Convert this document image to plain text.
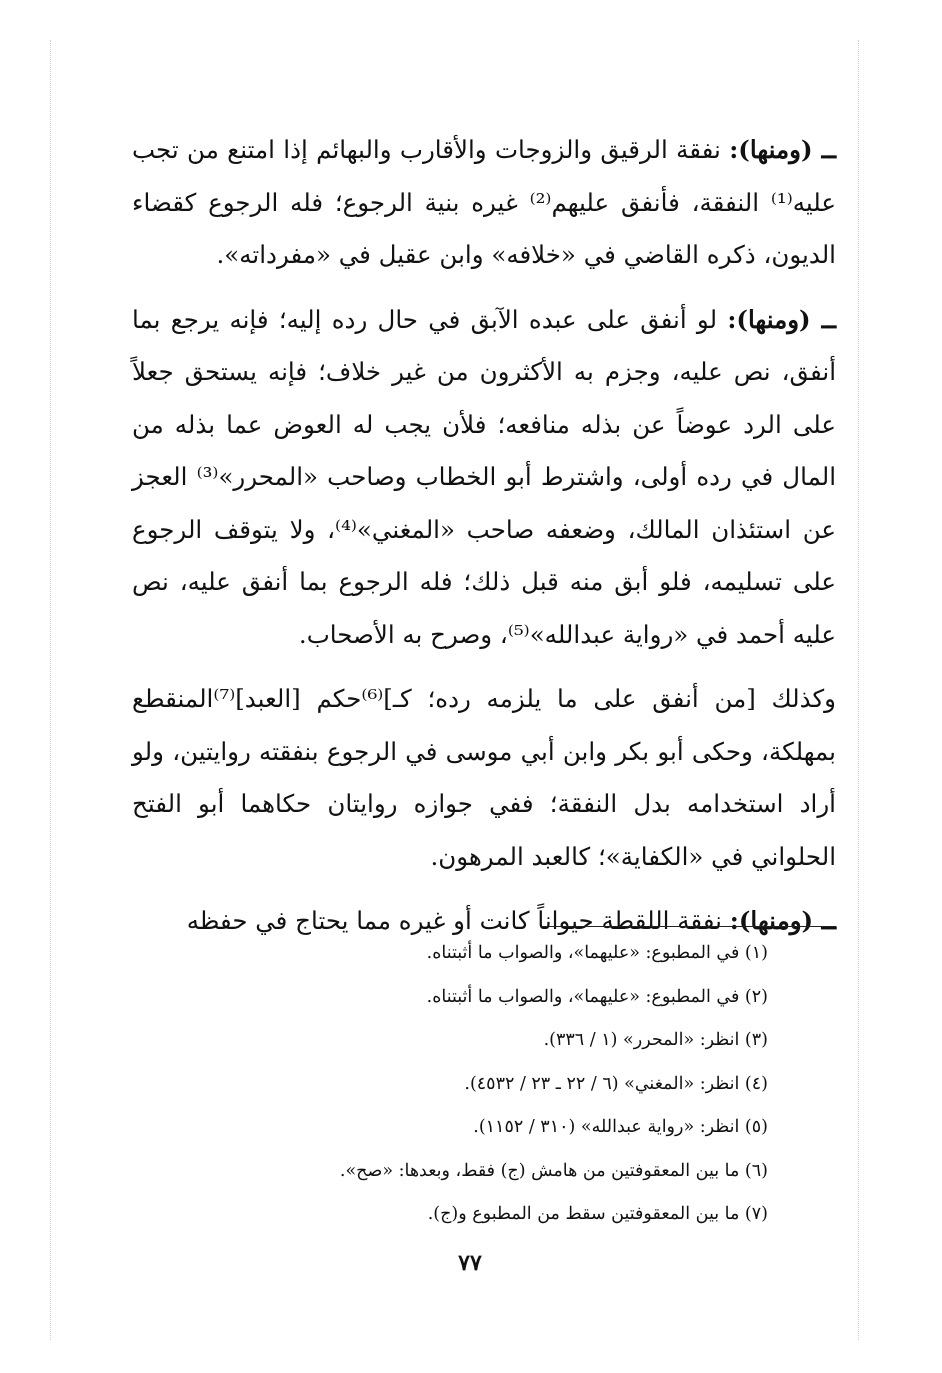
ــ (ومنها): نفقة الرقيق والزوجات والأقارب والبهائم إذا امتنع من تجب عليه⁽¹⁾ النفقة، فأنفق عليهم⁽²⁾ غيره بنية الرجوع؛ فله الرجوع كقضاء الديون، ذكره القاضي في «خلافه» وابن عقيل في «مفرداته».

ــ (ومنها): لو أنفق على عبده الآبق في حال رده إليه؛ فإنه يرجع بما أنفق، نص عليه، وجزم به الأكثرون من غير خلاف؛ فإنه يستحق جعلاً على الرد عوضاً عن بذله منافعه؛ فلأن يجب له العوض عما بذله من المال في رده أولى، واشترط أبو الخطاب وصاحب «المحرر»⁽³⁾ العجز عن استئذان المالك، وضعفه صاحب «المغني»⁽⁴⁾، ولا يتوقف الرجوع على تسليمه، فلو أبق منه قبل ذلك؛ فله الرجوع بما أنفق عليه، نص عليه أحمد في «رواية عبدالله»⁽⁵⁾، وصرح به الأصحاب.

وكذلك [من أنفق على ما يلزمه رده؛ كـ]⁽⁶⁾حكم [العبد]⁽⁷⁾المنقطع بمهلكة، وحكى أبو بكر وابن أبي موسى في الرجوع بنفقته روايتين، ولو أراد استخدامه بدل النفقة؛ ففي جوازه روايتان حكاهما أبو الفتح الحلواني في «الكفاية»؛ كالعبد المرهون.

ــ (ومنها): نفقة اللقطة حيواناً كانت أو غيره مما يحتاج في حفظه

(١) في المطبوع: «عليهما»، والصواب ما أثبتناه.

(٢) في المطبوع: «عليهما»، والصواب ما أثبتناه.

(٣) انظر: «المحرر» (١ / ٣٣٦).

(٤) انظر: «المغني» (٦ / ٢٢ ـ ٢٣ / ٤٥٣٢).

(٥) انظر: «رواية عبدالله» (٣١٠ / ١١٥٢).

(٦) ما بين المعقوفتين من هامش (ج) فقط، وبعدها: «صح».

(٧) ما بين المعقوفتين سقط من المطبوع و(ج).

٧٧
